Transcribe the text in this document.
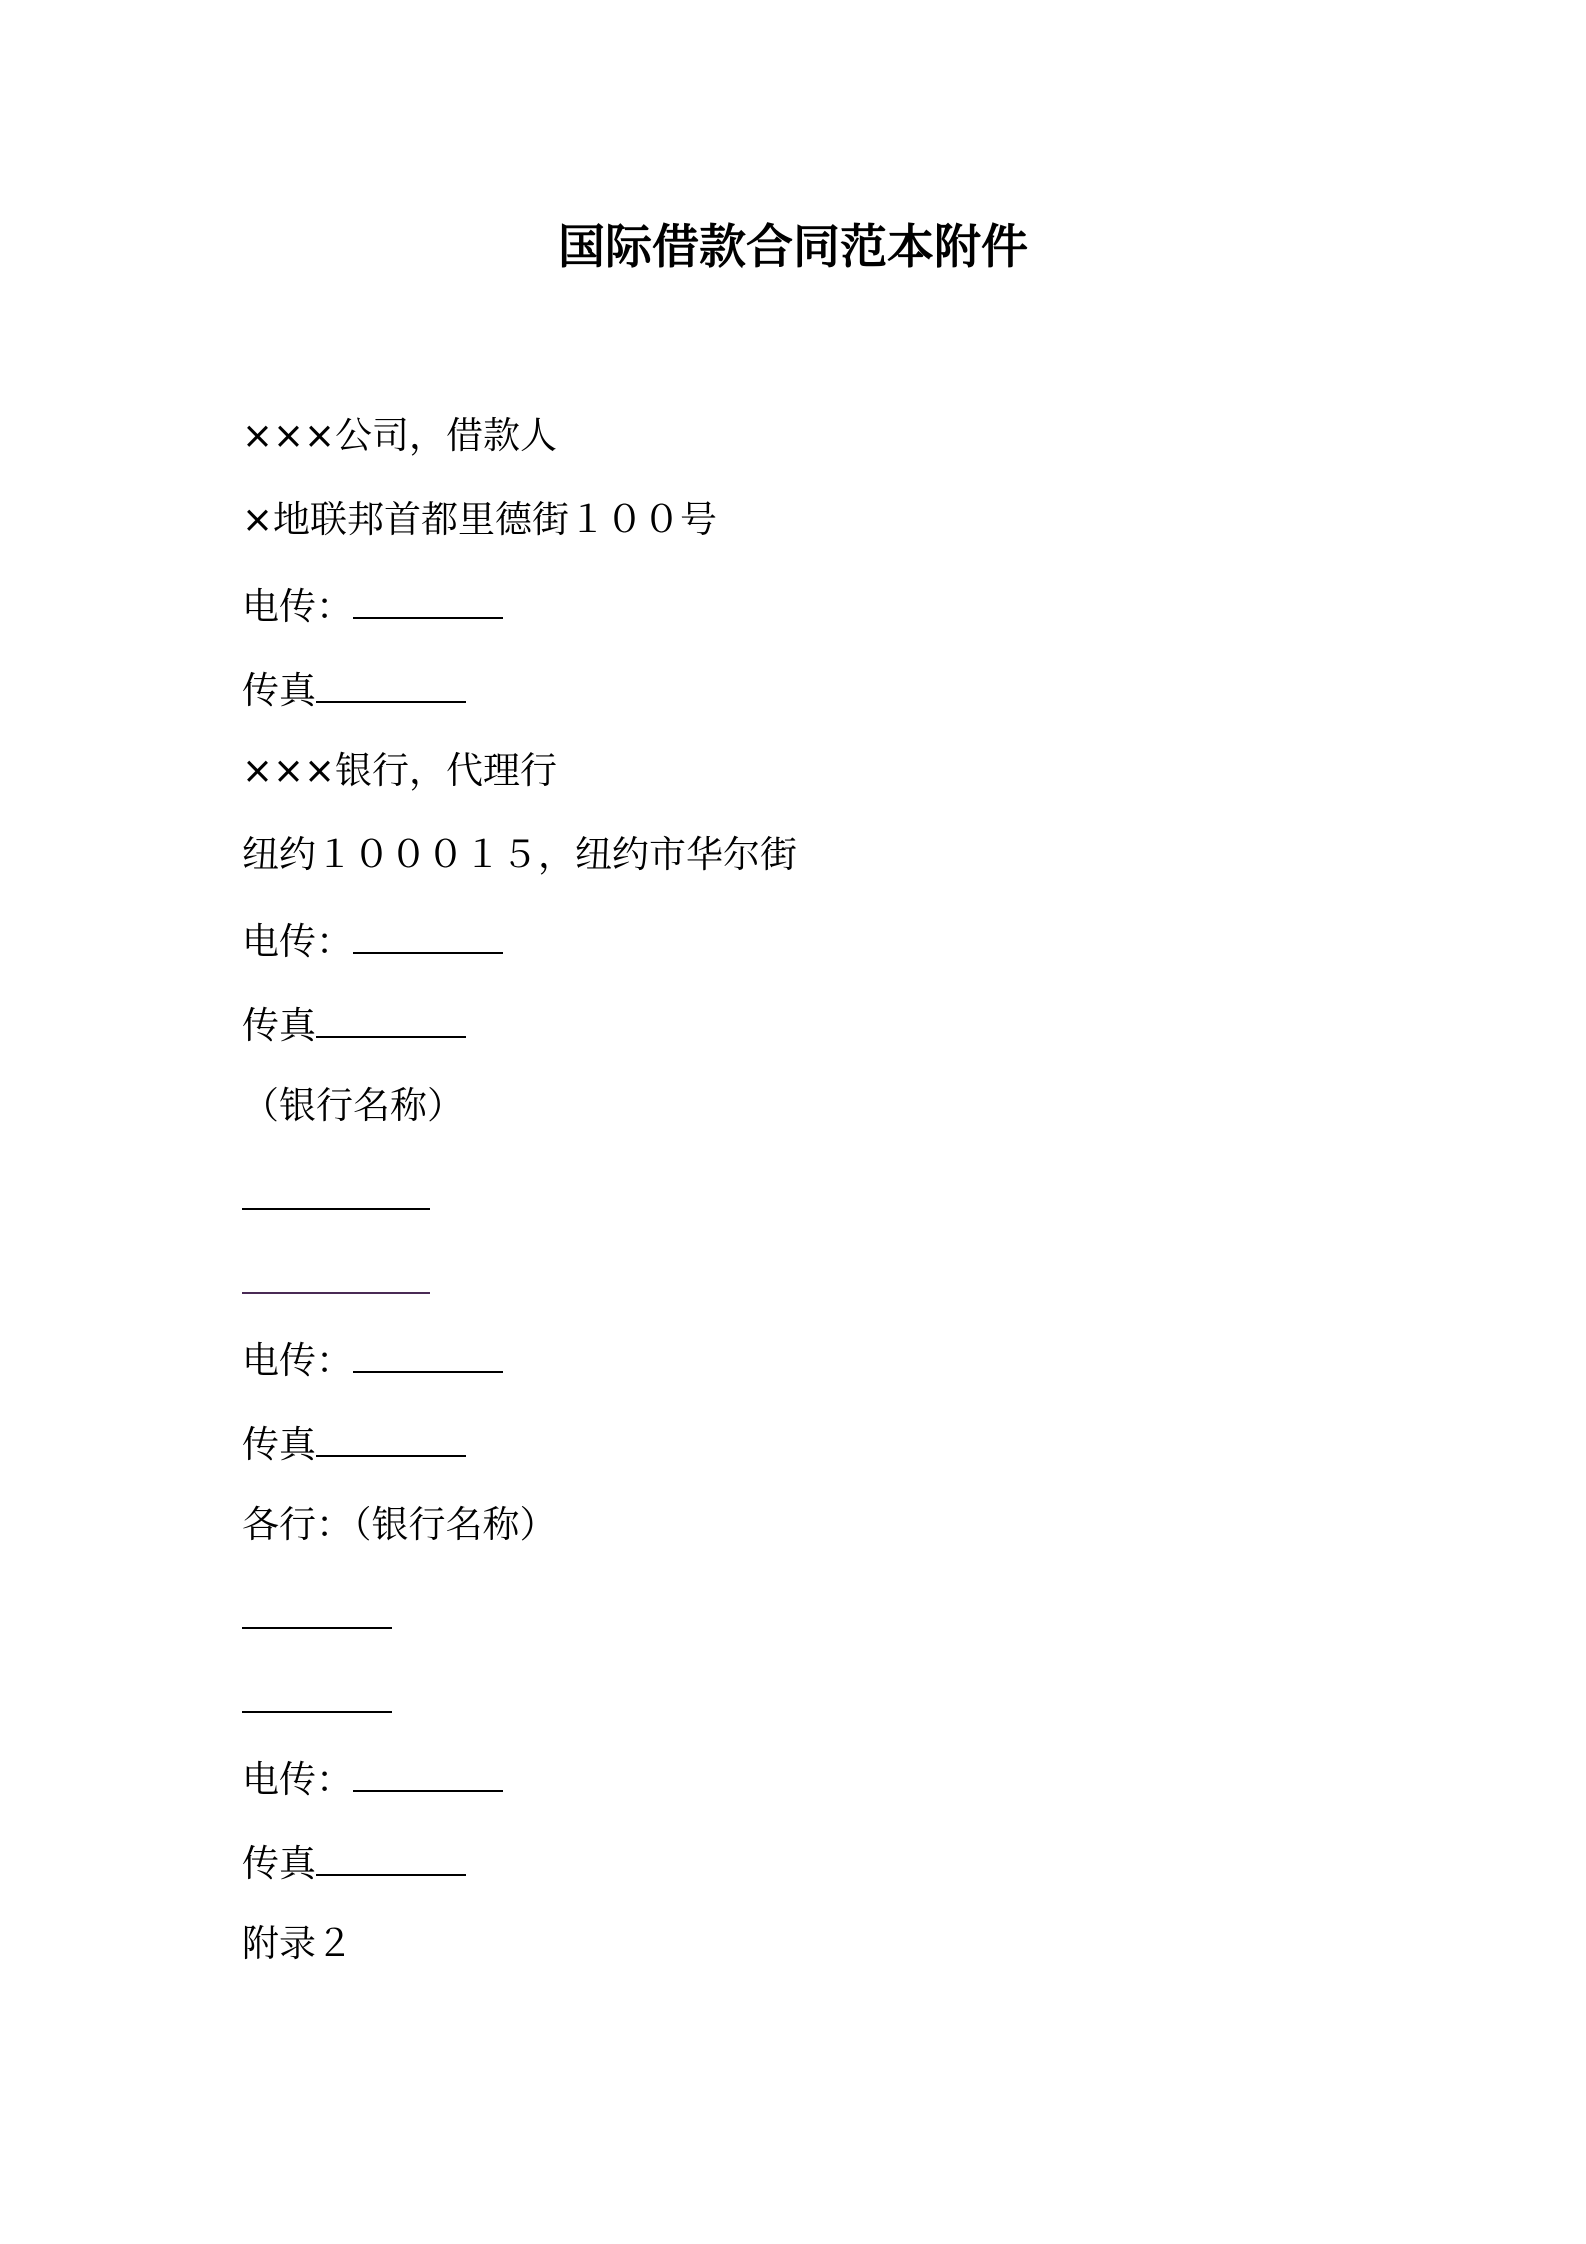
国际借款合同范本附件
×××公司，借款人
×地联邦首都里德街１００号
电传：
传真
×××银行，代理行
纽约１０００１５，纽约市华尔街
电传：
传真
（银行名称）
电传：
传真
各行：（银行名称）
电传：
传真
附录２
